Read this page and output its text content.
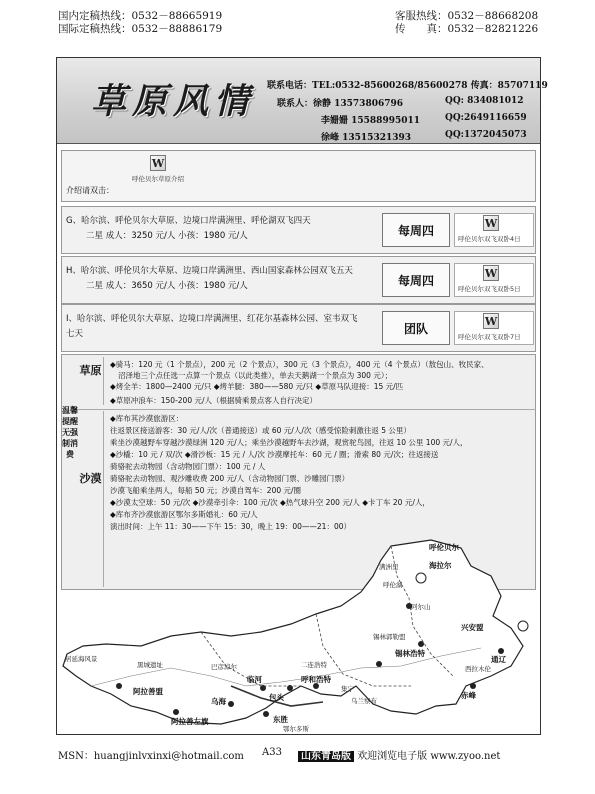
国内定稿热线：0532－88665919
国际定稿热线：0532－88886179
客服热线：0532－88668208
传　　真：0532－82821226
草原风情 联系电话：TEL:0532-85600268/85600278 传真：85707119
联系人：徐静 13573806796	QQ: 834081012
李姗姗 15588995011	QQ:2649116659
徐峰 13515321393	QQ:1372045073
W
呼伦贝尔草原介绍
介绍请双击：
G、哈尔滨、呼伦贝尔大草原、边境口岸满洲里、呼伦湖双飞四天
二星 成人：3250 元/人 小孩：1980 元/人	每周四
W
呼伦贝尔双飞双卧4日
H、哈尔滨、呼伦贝尔大草原、边境口岸满洲里、西山国家森林公园双飞五天
二星 成人：3650 元/人 小孩：1980 元/人	每周四
W
呼伦贝尔双飞双卧5日
I、哈尔滨、呼伦贝尔大草原、边境口岸满洲里、红花尔基森林公园、室韦双飞
七天	团队
W
呼伦贝尔双飞双卧7日
温馨提醒无强制消费
草原	◆骑马：120 元（1 个景点），200 元（2 个景点），300 元（3 个景点），400 元（4 个景点）（敖包山、牧民家、
沼泽地三个点任选一点算一个景点（以此类推），单去天鹅湖一个景点为 300 元）；
◆烤全羊：1800—2400 元/只 ◆烤羊腿：380——580 元/只 ◆草原马队迎接：15 元/匹
◆草原冲浪车：150-200 元/人（根据骑乘景点客人自行决定）
沙漠
◆库布其沙漠旅游区：
往返景区接送游客：30 元/人/次（普通接送）或 60 元/人/次（感受惊险刺激往返 5 公里）
乘坐沙漠越野车穿越沙漠绿洲 120 元/人；乘坐沙漠越野车去沙湖，观赏驼鸟园，往返 10 公里 100 元/人，
◆沙橇：10 元 / 双/次 ◆滑沙板：15 元 / 人/次 沙漠摩托车：60 元 / 圈；滑索 80 元/次；往返接送
骑骆驼去动物园（含动物园门票）：100 元 / 人
骑骆驼去动物园、观沙雕收费 200 元/人（含动物园门票、沙雕园门票）
沙漠飞船乘坐两人，每船 50 元；沙漠自驾车：200 元/圈
◆沙漠太空球：50 元/次 ◆沙漠牵引伞：100 元/次 ◆热气球升空 200 元/人 ◆卡丁车 20 元/人，
◆库布齐沙漠旅游区鄂尔多斯婚礼：60 元/人
演出时间：上午 11：30——下午 15：30，晚上 19：00——21：00）
呼伦贝尔
海拉尔
满洲里
呼伦湖
阿尔山
兴安盟
通辽
赤峰
西拉木伦
锡林浩特
锡林郭勒盟
二连浩特
呼和浩特
集宁
乌兰察布
包头
临河
巴彦淖尔
乌海
东胜
鄂尔多斯
阿拉善盟
阿拉善左旗
居延海风景
黑城遗址
MSN：huangjinlvxinxi@hotmail.com A33	山东青岛版 欢迎浏览电子版 www.zyoo.net
